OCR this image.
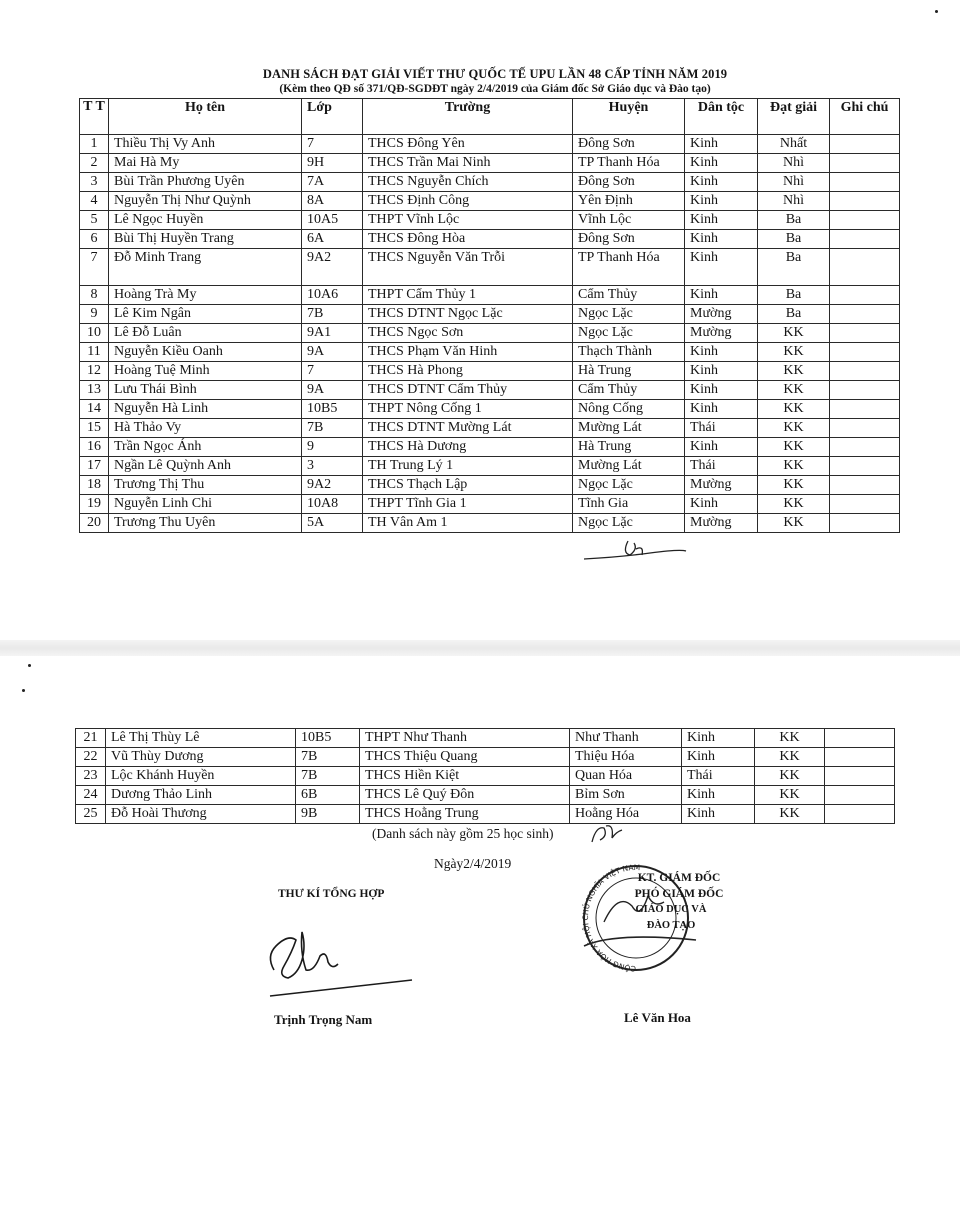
DANH SÁCH ĐẠT GIẢI VIẾT THƯ QUỐC TẾ UPU LẦN 48 CẤP TỈNH NĂM 2019
(Kèm theo QĐ số 371/QĐ-SGDĐT ngày 2/4/2019 của Giám đốc Sở Giáo dục và Đào tạo)
T T	Họ tên	Lớp	Trường	Huyện	Dân tộc	Đạt giải	Ghi chú
1	Thiều Thị Vy Anh	7	THCS Đông Yên	Đông Sơn	Kinh	Nhất	
2	Mai Hà My	9H	THCS Trần Mai Ninh	TP Thanh Hóa	Kinh	Nhì	
3	Bùi Trần Phương Uyên	7A	THCS Nguyễn Chích	Đông Sơn	Kinh	Nhì	
4	Nguyễn Thị Như Quỳnh	8A	THCS Định Công	Yên Định	Kinh	Nhì	
5	Lê Ngọc Huyền	10A5	THPT Vĩnh Lộc	Vĩnh Lộc	Kinh	Ba	
6	Bùi Thị Huyền Trang	6A	THCS Đông Hòa	Đông Sơn	Kinh	Ba	
7	Đỗ Minh Trang	9A2	THCS Nguyễn Văn Trỗi	TP Thanh Hóa	Kinh	Ba	
8	Hoàng Trà My	10A6	THPT Cẩm Thủy 1	Cẩm Thủy	Kinh	Ba	
9	Lê Kim Ngân	7B	THCS DTNT Ngọc Lặc	Ngọc Lặc	Mường	Ba	
10	Lê Đỗ Luân	9A1	THCS Ngọc Sơn	Ngọc Lặc	Mường	KK	
11	Nguyễn Kiều Oanh	9A	THCS Phạm Văn Hinh	Thạch Thành	Kinh	KK	
12	Hoàng Tuệ Minh	7	THCS Hà Phong	Hà Trung	Kinh	KK	
13	Lưu Thái Bình	9A	THCS DTNT Cẩm Thủy	Cẩm Thủy	Kinh	KK	
14	Nguyễn Hà Linh	10B5	THPT Nông Cống 1	Nông Cống	Kinh	KK	
15	Hà Thảo Vy	7B	THCS DTNT Mường Lát	Mường Lát	Thái	KK	
16	Trần Ngọc Ánh	9	THCS Hà Dương	Hà Trung	Kinh	KK	
17	Ngần Lê Quỳnh Anh	3	TH Trung Lý 1	Mường Lát	Thái	KK	
18	Trương Thị Thu	9A2	THCS Thạch Lập	Ngọc Lặc	Mường	KK	
19	Nguyễn Linh Chi	10A8	THPT Tĩnh Gia 1	Tĩnh Gia	Kinh	KK	
20	Trương Thu Uyên	5A	TH Vân Am 1	Ngọc Lặc	Mường	KK	
21	Lê Thị Thùy Lê	10B5	THPT Như Thanh	Như Thanh	Kinh	KK	
22	Vũ Thùy Dương	7B	THCS Thiệu Quang	Thiệu Hóa	Kinh	KK	
23	Lộc Khánh Huyền	7B	THCS Hiền Kiệt	Quan Hóa	Thái	KK	
24	Dương Thảo Linh	6B	THCS Lê Quý Đôn	Bỉm Sơn	Kinh	KK	
25	Đỗ Hoài Thương	9B	THCS Hoằng Trung	Hoằng Hóa	Kinh	KK	
(Danh sách này gồm 25 học sinh)
Ngày2/4/2019
THƯ KÍ TỔNG HỢP
Trịnh Trọng Nam
CỘNG HÒA XÃ HỘI CHỦ NGHĨA VIỆT NAM
KT. GIÁM ĐỐC
PHÓ GIÁM ĐỐC
GIÁO DỤC VÀ
ĐÀO TẠO
Lê Văn Hoa
